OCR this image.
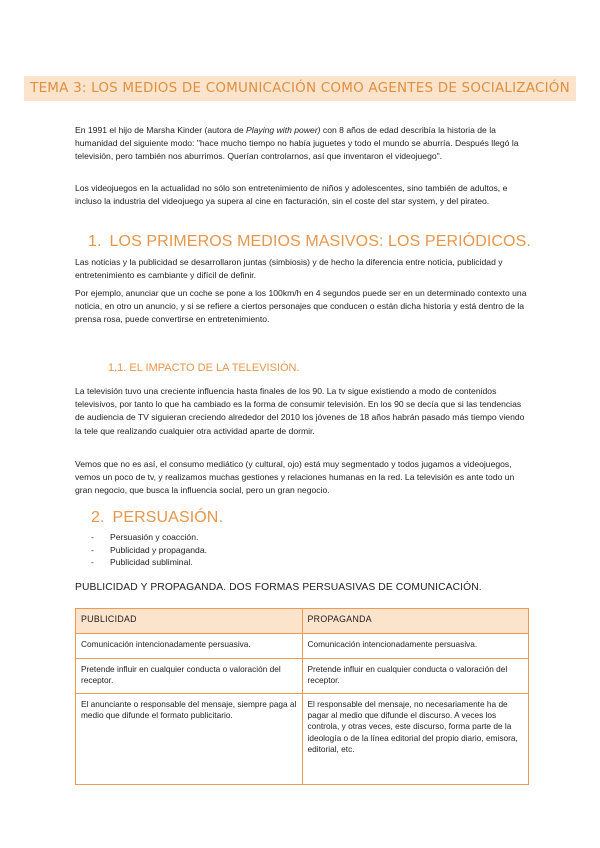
TEMA 3: LOS MEDIOS DE COMUNICACIÓN COMO AGENTES DE SOCIALIZACIÓN

En 1991 el hijo de Marsha Kinder (autora de Playing with power) con 8 años de edad describía la historia de la humanidad del siguiente modo: "hace mucho tiempo no había juguetes y todo el mundo se aburría. Después llegó la televisión, pero también nos aburrimos. Querían controlarnos, así que inventaron el videojuego".

Los videojuegos en la actualidad no sólo son entretenimiento de niños y adolescentes, sino también de adultos, e incluso la industria del videojuego ya supera al cine en facturación, sin el coste del star system, y del pirateo.

1. LOS PRIMEROS MEDIOS MASIVOS: LOS PERIÓDICOS.

Las noticias y la publicidad se desarrollaron juntas (simbiosis) y de hecho la diferencia entre noticia, publicidad y entretenimiento es cambiante y difícil de definir.

Por ejemplo, anunciar que un coche se pone a los 100km/h en 4 segundos puede ser en un determinado contexto una noticia, en otro un anuncio, y si se refiere a ciertos personajes que conducen o están dicha historia y está dentro de la prensa rosa, puede convertirse en entretenimiento.

1.1. EL IMPACTO DE LA TELEVISIÓN.

La televisión tuvo una creciente influencia hasta finales de los 90. La tv sigue existiendo a modo de contenidos televisivos, por tanto lo que ha cambiado es la forma de consumir televisión. En los 90 se decía que si las tendencias de audiencia de TV siguieran creciendo alrededor del 2010 los jóvenes de 18 años habrán pasado más tiempo viendo la tele que realizando cualquier otra actividad aparte de dormir.

Vemos que no es así, el consumo mediático (y cultural, ojo) está muy segmentado y todos jugamos a videojuegos, vemos un poco de tv, y realizamos muchas gestiones y relaciones humanas en la red. La televisión es ante todo un gran negocio, que busca la influencia social, pero un gran negocio.

2. PERSUASIÓN.
- Persuasión y coacción.
- Publicidad y propaganda.
- Publicidad subliminal.
PUBLICIDAD Y PROPAGANDA. DOS FORMAS PERSUASIVAS DE COMUNICACIÓN.
PUBLICIDAD	PROPAGANDA
Comunicación intencionadamente persuasiva.	Comunicación intencionadamente persuasiva.
Pretende influir en cualquier conducta o valoración del receptor.	Pretende influir en cualquier conducta o valoración del receptor.
El anunciante o responsable del mensaje, siempre paga al medio que difunde el formato publicitario.	El responsable del mensaje, no necesariamente ha de pagar al medio que difunde el discurso. A veces los controla, y otras veces, este discurso, forma parte de la ideología o de la línea editorial del propio diario, emisora, editorial, etc.
